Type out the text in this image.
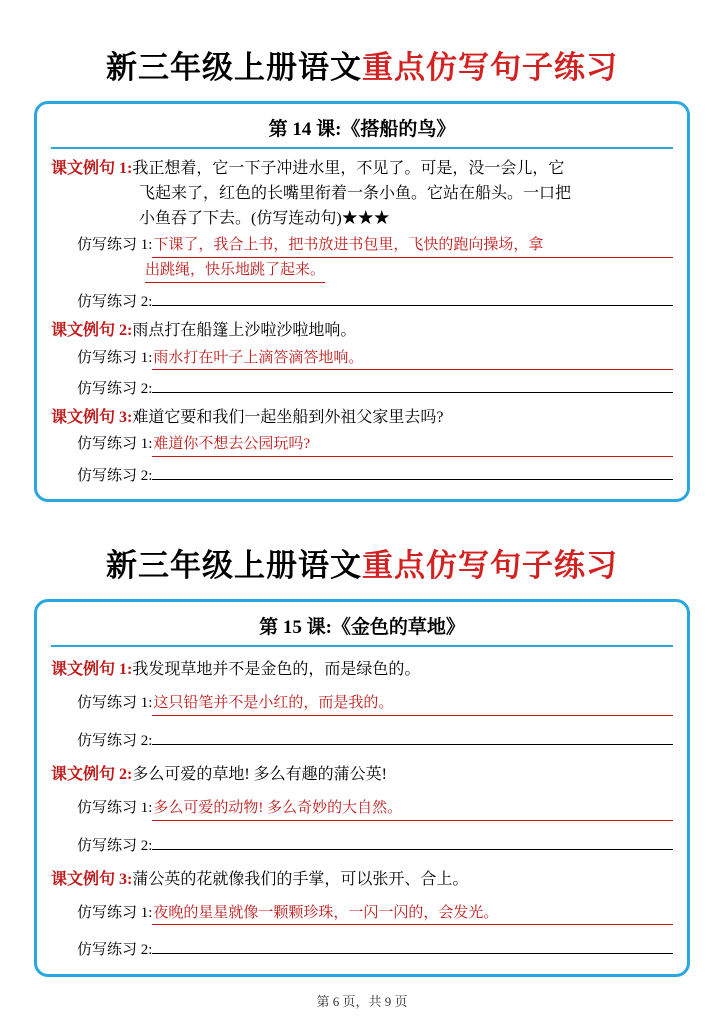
新三年级上册语文重点仿写句子练习
第 14 课:《搭船的鸟》
课文例句 1:我正想着，它一下子冲进水里，不见了。可是，没一会儿，它
飞起来了，红色的长嘴里衔着一条小鱼。它站在船头。一口把
小鱼吞了下去。(仿写连动句)★★★
仿写练习 1: 下课了，我合上书，把书放进书包里，飞快的跑向操场，拿
出跳绳，快乐地跳了起来。
仿写练习 2:
课文例句 2:雨点打在船篷上沙啦沙啦地响。
仿写练习 1: 雨水打在叶子上滴答滴答地响。
仿写练习 2:
课文例句 3:难道它要和我们一起坐船到外祖父家里去吗?
仿写练习 1: 难道你不想去公园玩吗?
仿写练习 2:
新三年级上册语文重点仿写句子练习
第 15 课:《金色的草地》
课文例句 1:我发现草地并不是金色的，而是绿色的。
仿写练习 1: 这只铅笔并不是小红的，而是我的。
仿写练习 2:
课文例句 2:多么可爱的草地! 多么有趣的蒲公英!
仿写练习 1: 多么可爱的动物! 多么奇妙的大自然。
仿写练习 2:
课文例句 3:蒲公英的花就像我们的手掌，可以张开、合上。
仿写练习 1: 夜晚的星星就像一颗颗珍珠，一闪一闪的，会发光。
仿写练习 2:
第 6 页，共 9 页
